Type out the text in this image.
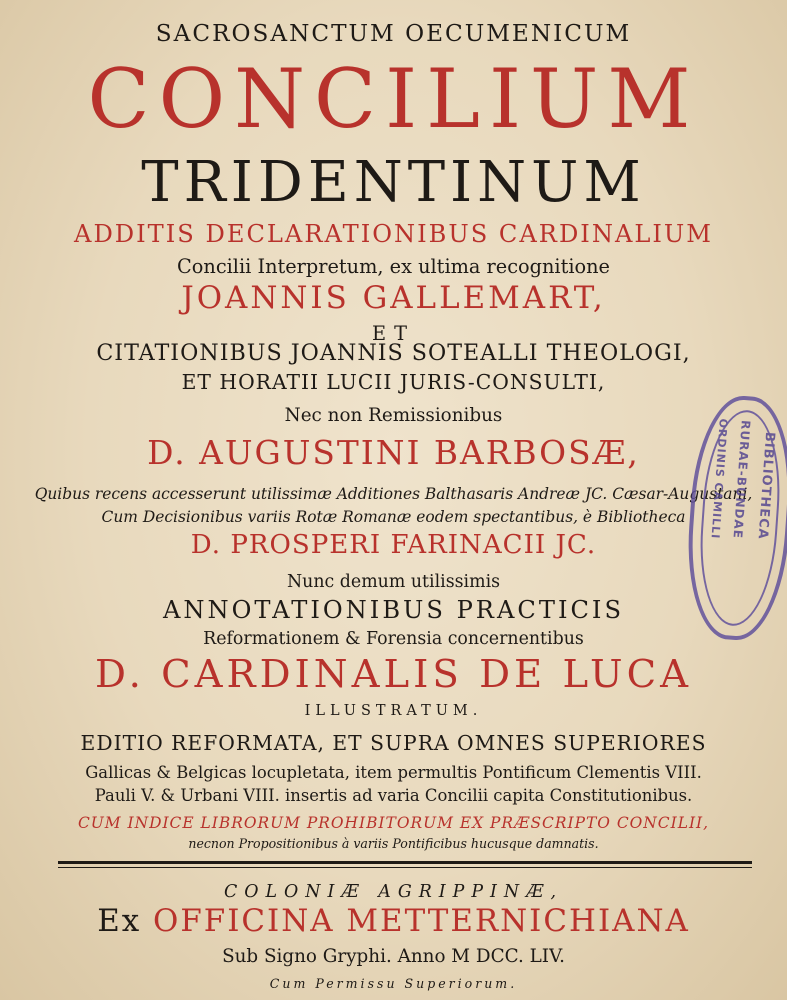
SACROSANCTUM OECUMENICUM
CONCILIUM
TRIDENTINUM
ADDITIS DECLARATIONIBUS CARDINALIUM
Concilii Interpretum, ex ultima recognitione
JOANNIS GALLEMART,
ET
CITATIONIBUS JOANNIS SOTEALLI THEOLOGI,
ET HORATII LUCII JURIS-CONSULTI,
Nec non Remissionibus
D. AUGUSTINI BARBOSÆ,
Quibus recens accesserunt utilissimæ Additiones Balthasaris Andreæ JC. Cæsar-Augustani,
Cum Decisionibus variis Rotæ Romanæ eodem spectantibus, è Bibliotheca
D. PROSPERI FARINACII JC.
Nunc demum utilissimis
ANNOTATIONIBUS PRACTICIS
Reformationem & Forensia concernentibus
D. CARDINALIS DE LUCA
ILLUSTRATUM.
EDITIO REFORMATA, ET SUPRA OMNES SUPERIORES
Gallicas & Belgicas locupletata, item permultis Pontificum Clementis VIII.
Pauli V. & Urbani VIII. insertis ad varia Concilii capita Constitutionibus.
CUM INDICE LIBRORUM PROHIBITORUM EX PRÆSCRIPTO CONCILII,
necnon Propositionibus à variis Pontificibus hucusque damnatis.
COLONIÆ AGRIPPINÆ,
Ex OFFICINA METTERNICHIANA
Sub Signo Gryphi. Anno M DCC. LIV.
Cum Permissu Superiorum.
BIBLIOTHECA
RURAE-BUNDAE
ORDINIS CAMILLI
